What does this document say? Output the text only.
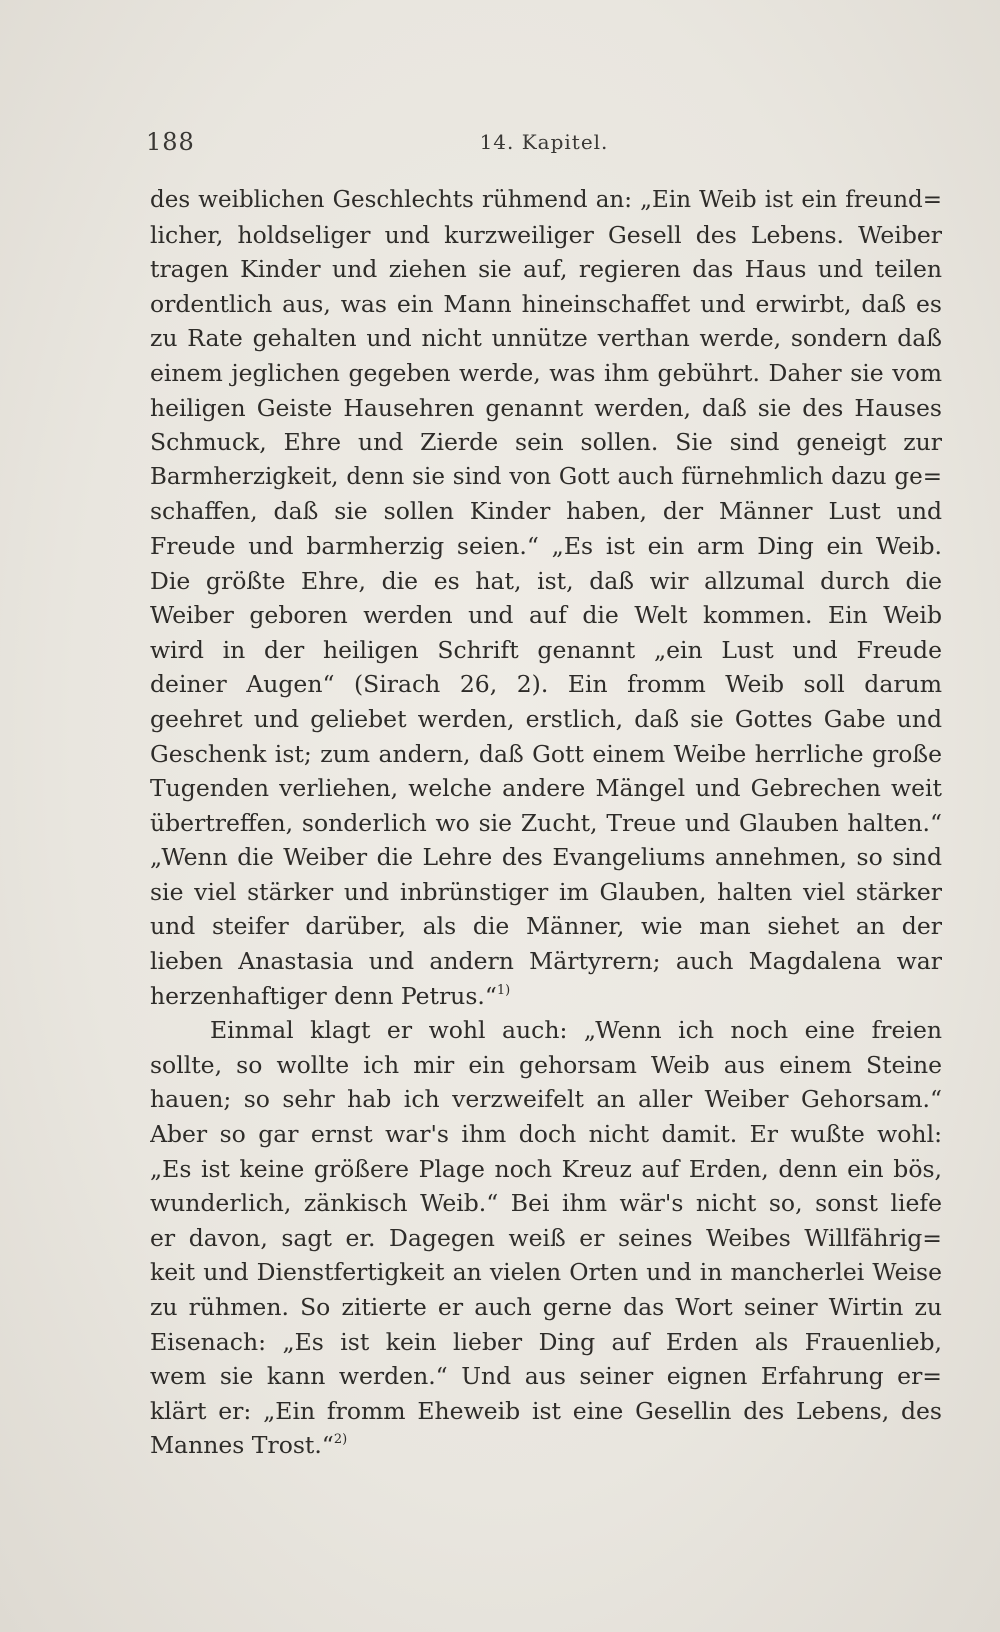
188	14. Kapitel.
des weiblichen Geschlechts rühmend an: „Ein Weib ist ein freund=
licher, holdseliger und kurzweiliger Gesell des Lebens. Weiber
tragen Kinder und ziehen sie auf, regieren das Haus und teilen
ordentlich aus, was ein Mann hineinschaffet und erwirbt, daß es
zu Rate gehalten und nicht unnütze verthan werde, sondern daß
einem jeglichen gegeben werde, was ihm gebührt. Daher sie vom
heiligen Geiste Hausehren genannt werden, daß sie des Hauses
Schmuck, Ehre und Zierde sein sollen. Sie sind geneigt zur
Barmherzigkeit, denn sie sind von Gott auch fürnehmlich dazu ge=
schaffen, daß sie sollen Kinder haben, der Männer Lust und
Freude und barmherzig seien.“ „Es ist ein arm Ding ein Weib.
Die größte Ehre, die es hat, ist, daß wir allzumal durch die
Weiber geboren werden und auf die Welt kommen. Ein Weib
wird in der heiligen Schrift genannt „ein Lust und Freude
deiner Augen“ (Sirach 26, 2). Ein fromm Weib soll darum
geehret und geliebet werden, erstlich, daß sie Gottes Gabe und
Geschenk ist; zum andern, daß Gott einem Weibe herrliche große
Tugenden verliehen, welche andere Mängel und Gebrechen weit
übertreffen, sonderlich wo sie Zucht, Treue und Glauben halten.“
„Wenn die Weiber die Lehre des Evangeliums annehmen, so sind
sie viel stärker und inbrünstiger im Glauben, halten viel stärker
und steifer darüber, als die Männer, wie man siehet an der
lieben Anastasia und andern Märtyrern; auch Magdalena war
herzenhaftiger denn Petrus.“$^{1)}$
Einmal klagt er wohl auch: „Wenn ich noch eine freien
sollte, so wollte ich mir ein gehorsam Weib aus einem Steine
hauen; so sehr hab ich verzweifelt an aller Weiber Gehorsam.“
Aber so gar ernst war's ihm doch nicht damit. Er wußte wohl:
„Es ist keine größere Plage noch Kreuz auf Erden, denn ein bös,
wunderlich, zänkisch Weib.“ Bei ihm wär's nicht so, sonst liefe
er davon, sagt er. Dagegen weiß er seines Weibes Willfährig=
keit und Dienstfertigkeit an vielen Orten und in mancherlei Weise
zu rühmen. So zitierte er auch gerne das Wort seiner Wirtin zu
Eisenach: „Es ist kein lieber Ding auf Erden als Frauenlieb,
wem sie kann werden.“ Und aus seiner eignen Erfahrung er=
klärt er: „Ein fromm Eheweib ist eine Gesellin des Lebens, des
Mannes Trost.“$^{2)}$
